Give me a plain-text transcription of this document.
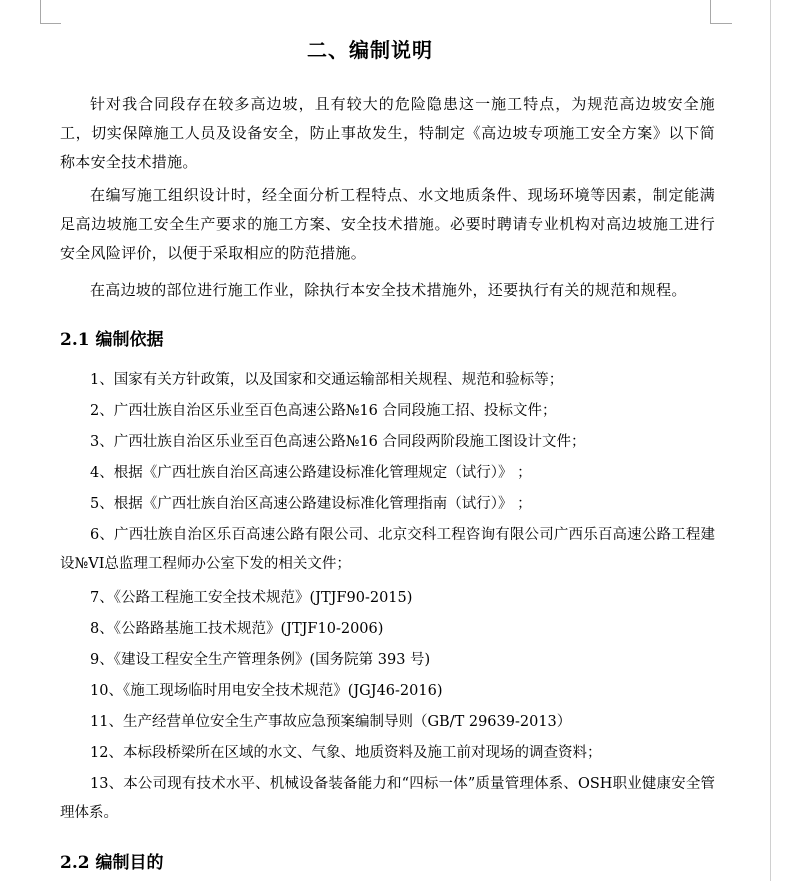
二、编制说明
针对我合同段存在较多高边坡，且有较大的危险隐患这一施工特点，为规范高边坡安全施工，切实保障施工人员及设备安全，防止事故发生，特制定《高边坡专项施工安全方案》以下简称本安全技术措施。
在编写施工组织设计时，经全面分析工程特点、水文地质条件、现场环境等因素，制定能满足高边坡施工安全生产要求的施工方案、安全技术措施。必要时聘请专业机构对高边坡施工进行安全风险评价，以便于采取相应的防范措施。
在高边坡的部位进行施工作业，除执行本安全技术措施外，还要执行有关的规范和规程。
2.1 编制依据
1、国家有关方针政策，以及国家和交通运输部相关规程、规范和验标等；
2、广西壮族自治区乐业至百色高速公路№16 合同段施工招、投标文件；
3、广西壮族自治区乐业至百色高速公路№16 合同段两阶段施工图设计文件；
4、根据《广西壮族自治区高速公路建设标准化管理规定（试行）》 ；
5、根据《广西壮族自治区高速公路建设标准化管理指南（试行）》 ；
6、广西壮族自治区乐百高速公路有限公司、北京交科工程咨询有限公司广西乐百高速公路工程建设№VI总监理工程师办公室下发的相关文件；
7、《公路工程施工安全技术规范》(JTJF90-2015)
8、《公路路基施工技术规范》(JTJF10-2006)
9、《建设工程安全生产管理条例》(国务院第 393 号)
10、《施工现场临时用电安全技术规范》(JGJ46-2016)
11、生产经营单位安全生产事故应急预案编制导则（GB/T 29639-2013）
12、本标段桥梁所在区域的水文、气象、地质资料及施工前对现场的调查资料；
13、本公司现有技术水平、机械设备装备能力和“四标一体”质量管理体系、OSH职业健康安全管理体系。
2.2 编制目的
